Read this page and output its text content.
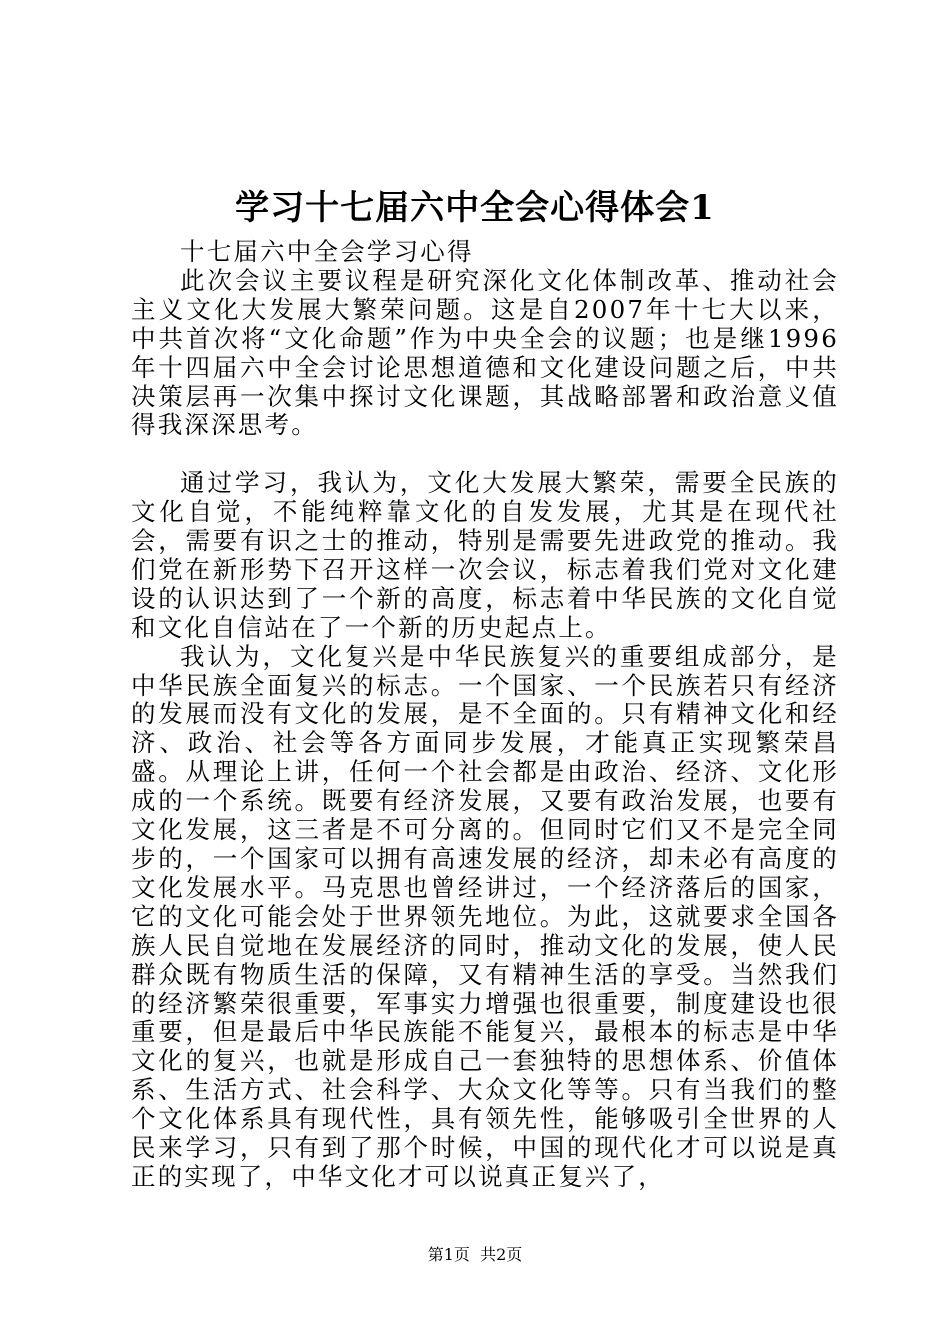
学习十七届六中全会心得体会1

十七届六中全会学习心得

此次会议主要议程是研究深化文化体制改革、推动社会主义文化大发展大繁荣问题。这是自2007年十七大以来，中共首次将“文化命题”作为中央全会的议题；也是继1996年十四届六中全会讨论思想道德和文化建设问题之后，中共决策层再一次集中探讨文化课题，其战略部署和政治意义值得我深深思考。

通过学习，我认为，文化大发展大繁荣，需要全民族的文化自觉，不能纯粹靠文化的自发发展，尤其是在现代社会，需要有识之士的推动，特别是需要先进政党的推动。我们党在新形势下召开这样一次会议，标志着我们党对文化建设的认识达到了一个新的高度，标志着中华民族的文化自觉和文化自信站在了一个新的历史起点上。

我认为，文化复兴是中华民族复兴的重要组成部分，是中华民族全面复兴的标志。一个国家、一个民族若只有经济的发展而没有文化的发展，是不全面的。只有精神文化和经济、政治、社会等各方面同步发展，才能真正实现繁荣昌盛。从理论上讲，任何一个社会都是由政治、经济、文化形成的一个系统。既要有经济发展，又要有政治发展，也要有文化发展，这三者是不可分离的。但同时它们又不是完全同步的，一个国家可以拥有高速发展的经济，却未必有高度的文化发展水平。马克思也曾经讲过，一个经济落后的国家，它的文化可能会处于世界领先地位。为此，这就要求全国各族人民自觉地在发展经济的同时，推动文化的发展，使人民群众既有物质生活的保障，又有精神生活的享受。当然我们的经济繁荣很重要，军事实力增强也很重要，制度建设也很重要，但是最后中华民族能不能复兴，最根本的标志是中华文化的复兴，也就是形成自己一套独特的思想体系、价值体系、生活方式、社会科学、大众文化等等。只有当我们的整个文化体系具有现代性，具有领先性，能够吸引全世界的人民来学习，只有到了那个时候，中国的现代化才可以说是真正的实现了，中华文化才可以说真正复兴了，

第1页  共2页
